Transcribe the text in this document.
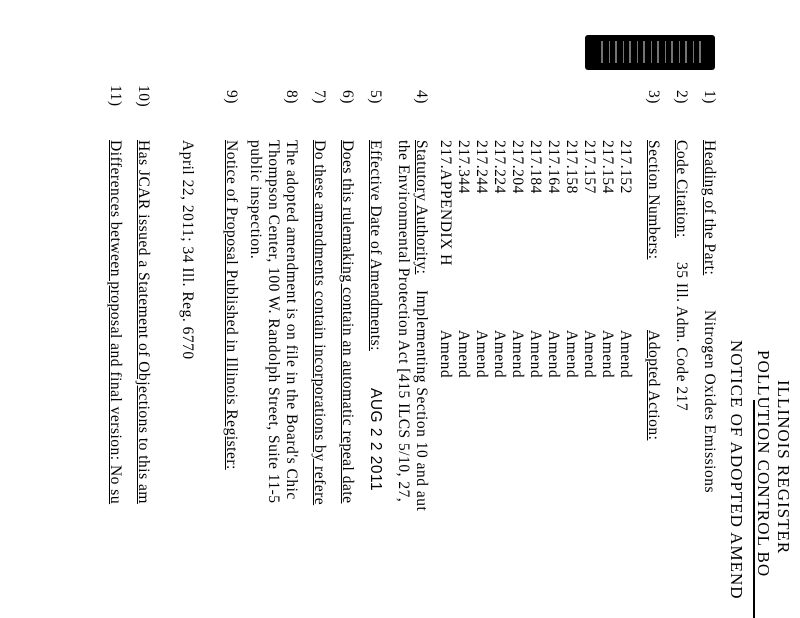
ILLINOIS REGISTER
POLLUTION CONTROL BO
NOTICE OF ADOPTED AMEND
1)
Heading of the Part:
Nitrogen Oxides Emissions
2)
Code Citation:
35 Ill. Adm. Code 217
3)
Section Numbers:
Adopted Action:
217.152
Amend
217.154
Amend
217.157
Amend
217.158
Amend
217.164
Amend
217.184
Amend
217.204
Amend
217.224
Amend
217.244
Amend
217.344
Amend
217.APPENDIX H
Amend
4)
Statutory Authority:
Implementing Section 10 and aut
the Environmental Protection Act [415 ILCS 5/10, 27,
5)
Effective Date of Amendments:
AUG 2 2 2011
6)
Does this rulemaking contain an automatic repeal date
7)
Do these amendments contain incorporations by refere
8)
The adopted amendment is on file in the Board's Chic
Thompson Center, 100 W. Randolph Street, Suite 11-5
public inspection.
9)
Notice of Proposal Published in Illinois Register:
April 22, 2011; 34 Ill. Reg. 6770
10)
Has JCAR issued a Statement of Objections to this am
11)
Differences between proposal and final version: No su
